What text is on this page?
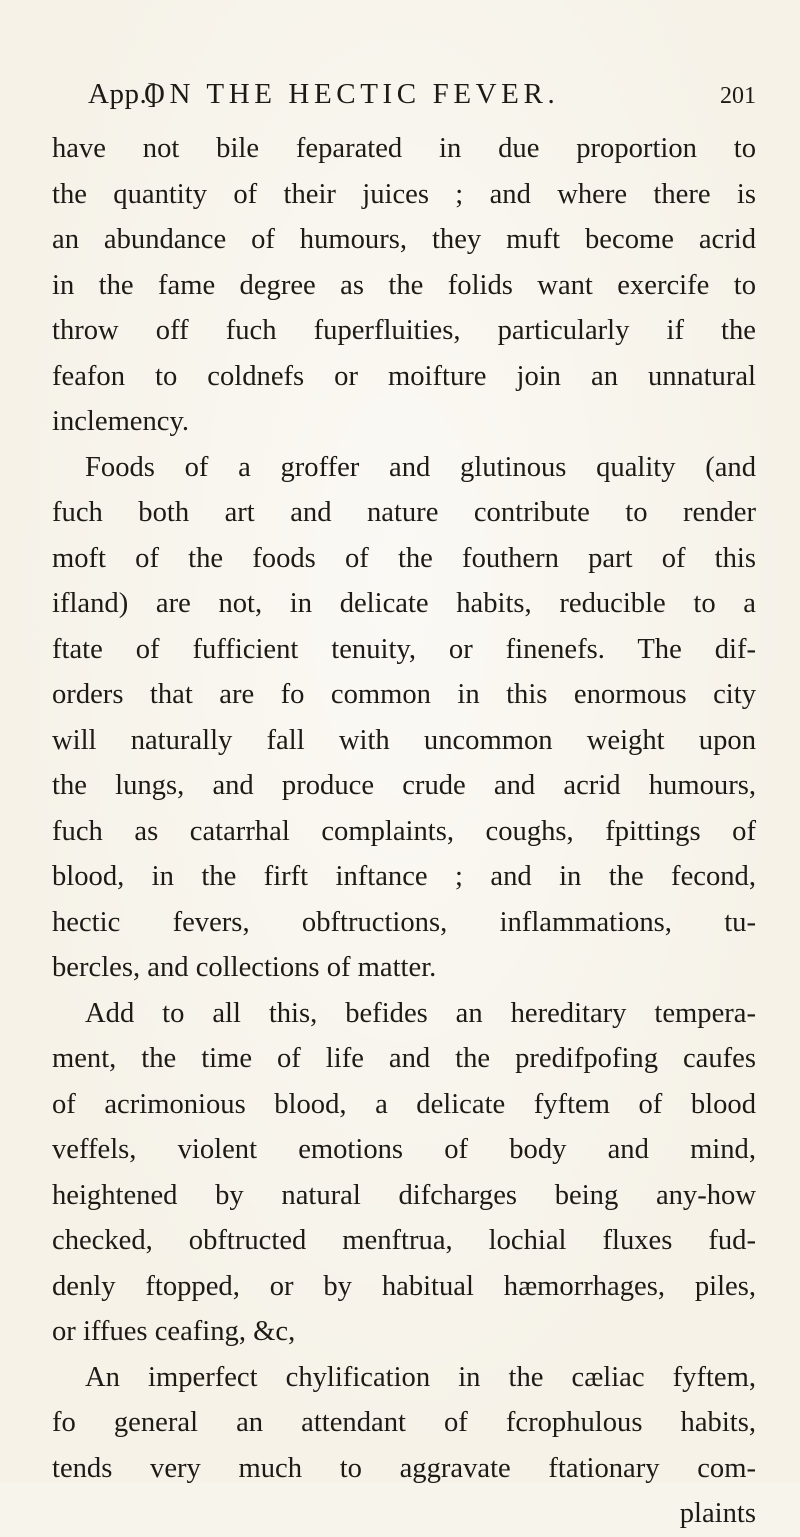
App.]
ON THE HECTIC FEVER.	201
have not bile feparated in due proportion to
the quantity of their juices ; and where there is
an abundance of humours, they muft become acrid
in the fame degree as the folids want exercife to
throw off fuch fuperfluities, particularly if the
feafon to coldnefs or moifture join an unnatural
inclemency.
Foods of a groffer and glutinous quality (and
fuch both art and nature contribute to render
moft of the foods of the fouthern part of this
ifland) are not, in delicate habits, reducible to a
ftate of fufficient tenuity, or finenefs. The dif-
orders that are fo common in this enormous city
will naturally fall with uncommon weight upon
the lungs, and produce crude and acrid humours,
fuch as catarrhal complaints, coughs, fpittings of
blood, in the firft inftance ; and in the fecond,
hectic fevers, obftructions, inflammations, tu-
bercles, and collections of matter.
Add to all this, befides an hereditary tempera-
ment, the time of life and the predifpofing caufes
of acrimonious blood, a delicate fyftem of blood
veffels, violent emotions of body and mind,
heightened by natural difcharges being any-how
checked, obftructed menftrua, lochial fluxes fud-
denly ftopped, or by habitual hæmorrhages, piles,
or iffues ceafing, &c,
An imperfect chylification in the cæliac fyftem,
fo general an attendant of fcrophulous habits,
tends very much to aggravate ftationary com-
plaints
